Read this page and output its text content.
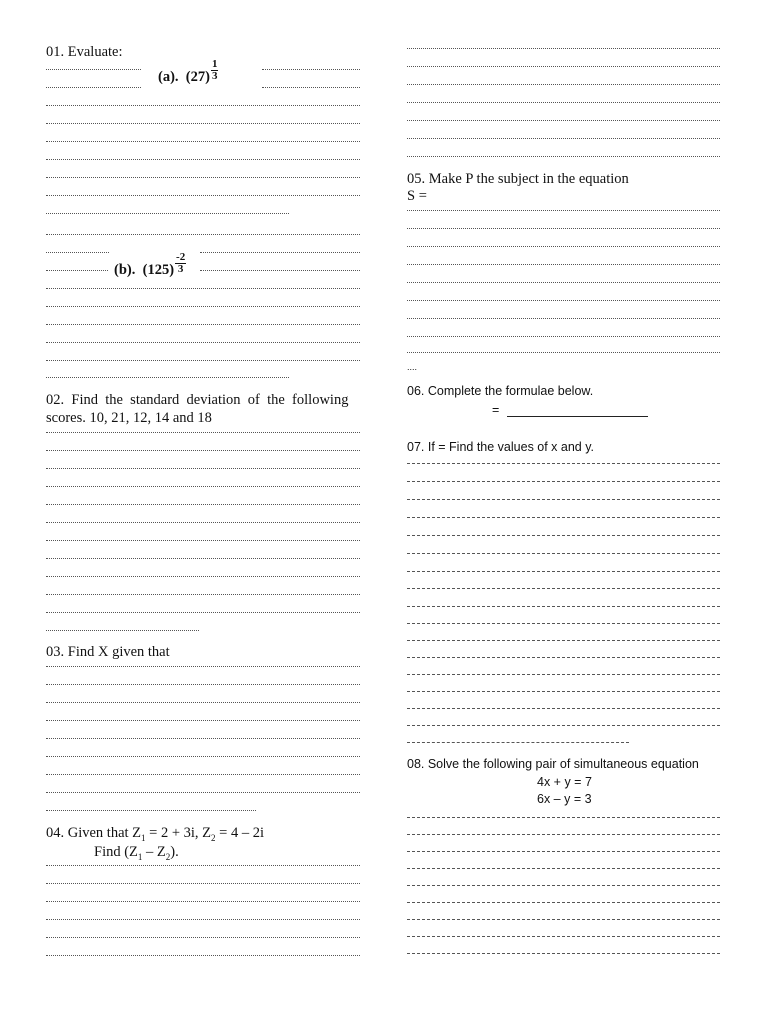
01. Evaluate:
(a). $(27) \frac{1}{3}$
(b). $(125) \frac{-2}{3}$
02.  Find  the  standard  deviation  of  the  following
scores. 10, 21, 12, 14 and 18
03. Find X given that
04. Given that $Z_1 = 2 + 3i$, $Z_2 = 4 - 2i$
Find $(Z_1 - Z_2)$.
05. Make P the subject in the equation
S =
....
06. Complete the formulae below.
=
07. If = Find the values of x and y.
08. Solve the following pair of simultaneous equation
4x + y = 7
6x – y = 3
